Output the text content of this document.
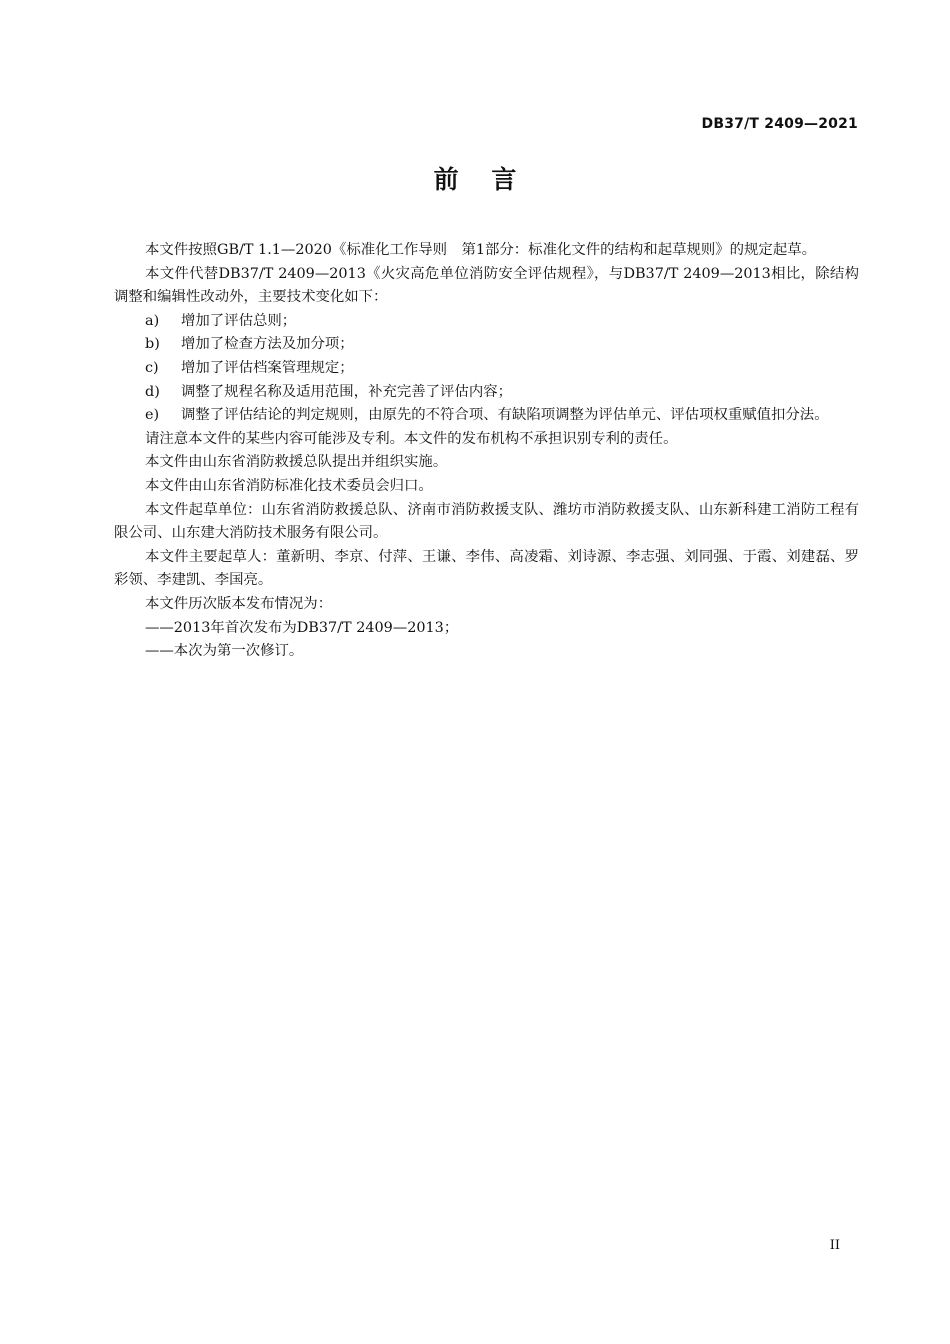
DB37/T 2409—2021
前 言

本文件按照GB/T 1.1—2020《标准化工作导则　第1部分：标准化文件的结构和起草规则》的规定起草。

本文件代替DB37/T 2409—2013《火灾高危单位消防安全评估规程》，与DB37/T 2409—2013相比，除结构调整和编辑性改动外，主要技术变化如下：

a)	增加了评估总则；
b)	增加了检查方法及加分项；
c)	增加了评估档案管理规定；
d)	调整了规程名称及适用范围，补充完善了评估内容；
e)	调整了评估结论的判定规则，由原先的不符合项、有缺陷项调整为评估单元、评估项权重赋值扣分法。

请注意本文件的某些内容可能涉及专利。本文件的发布机构不承担识别专利的责任。

本文件由山东省消防救援总队提出并组织实施。

本文件由山东省消防标准化技术委员会归口。

本文件起草单位：山东省消防救援总队、济南市消防救援支队、潍坊市消防救援支队、山东新科建工消防工程有限公司、山东建大消防技术服务有限公司。

本文件主要起草人：董新明、李京、付萍、王谦、李伟、高凌霜、刘诗源、李志强、刘同强、于霞、刘建磊、罗彩领、李建凯、李国亮。

本文件历次版本发布情况为：

——2013年首次发布为DB37/T 2409—2013；

——本次为第一次修订。

II
